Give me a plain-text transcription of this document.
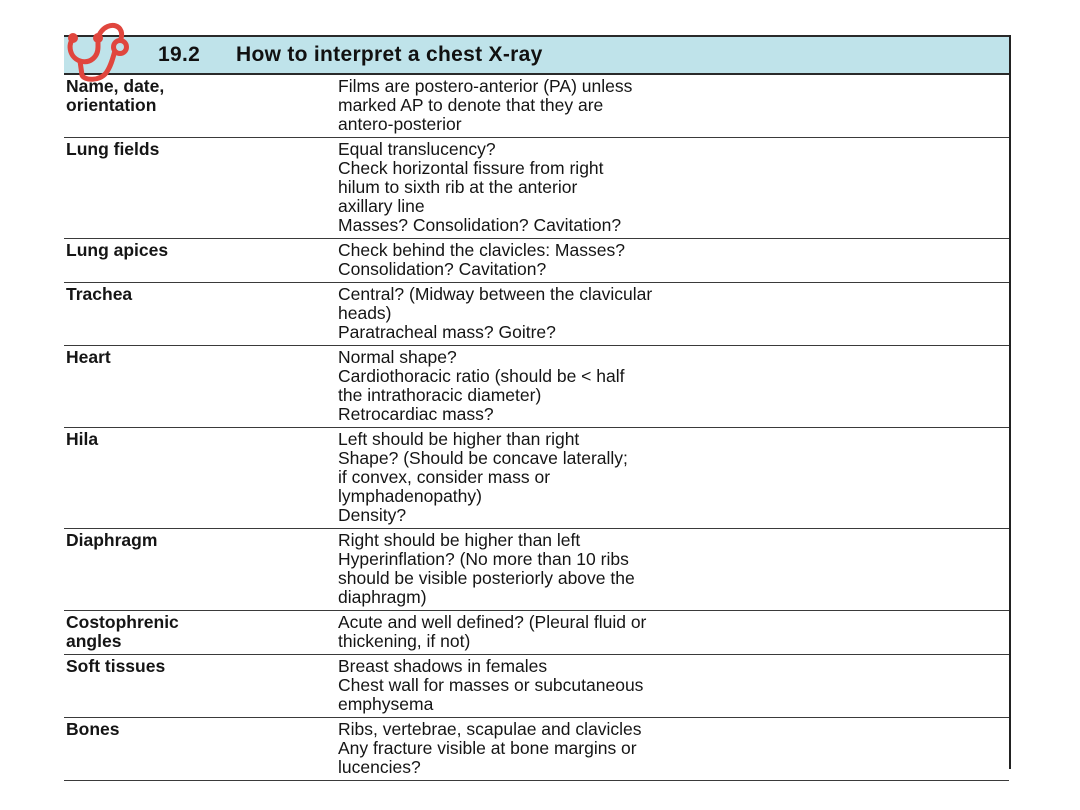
19.2 How to interpret a chest X-ray
Name, date,
orientation	Films are postero-anterior (PA) unless
marked AP to denote that they are
antero-posterior
Lung fields	Equal translucency?
Check horizontal fissure from right
hilum to sixth rib at the anterior
axillary line
Masses? Consolidation? Cavitation?
Lung apices	Check behind the clavicles: Masses?
Consolidation? Cavitation?
Trachea	Central? (Midway between the clavicular
heads)
Paratracheal mass? Goitre?
Heart	Normal shape?
Cardiothoracic ratio (should be < half
the intrathoracic diameter)
Retrocardiac mass?
Hila	Left should be higher than right
Shape? (Should be concave laterally;
if convex, consider mass or
lymphadenopathy)
Density?
Diaphragm	Right should be higher than left
Hyperinflation? (No more than 10 ribs
should be visible posteriorly above the
diaphragm)
Costophrenic
angles	Acute and well defined? (Pleural fluid or
thickening, if not)
Soft tissues	Breast shadows in females
Chest wall for masses or subcutaneous
emphysema
Bones	Ribs, vertebrae, scapulae and clavicles
Any fracture visible at bone margins or
lucencies?
